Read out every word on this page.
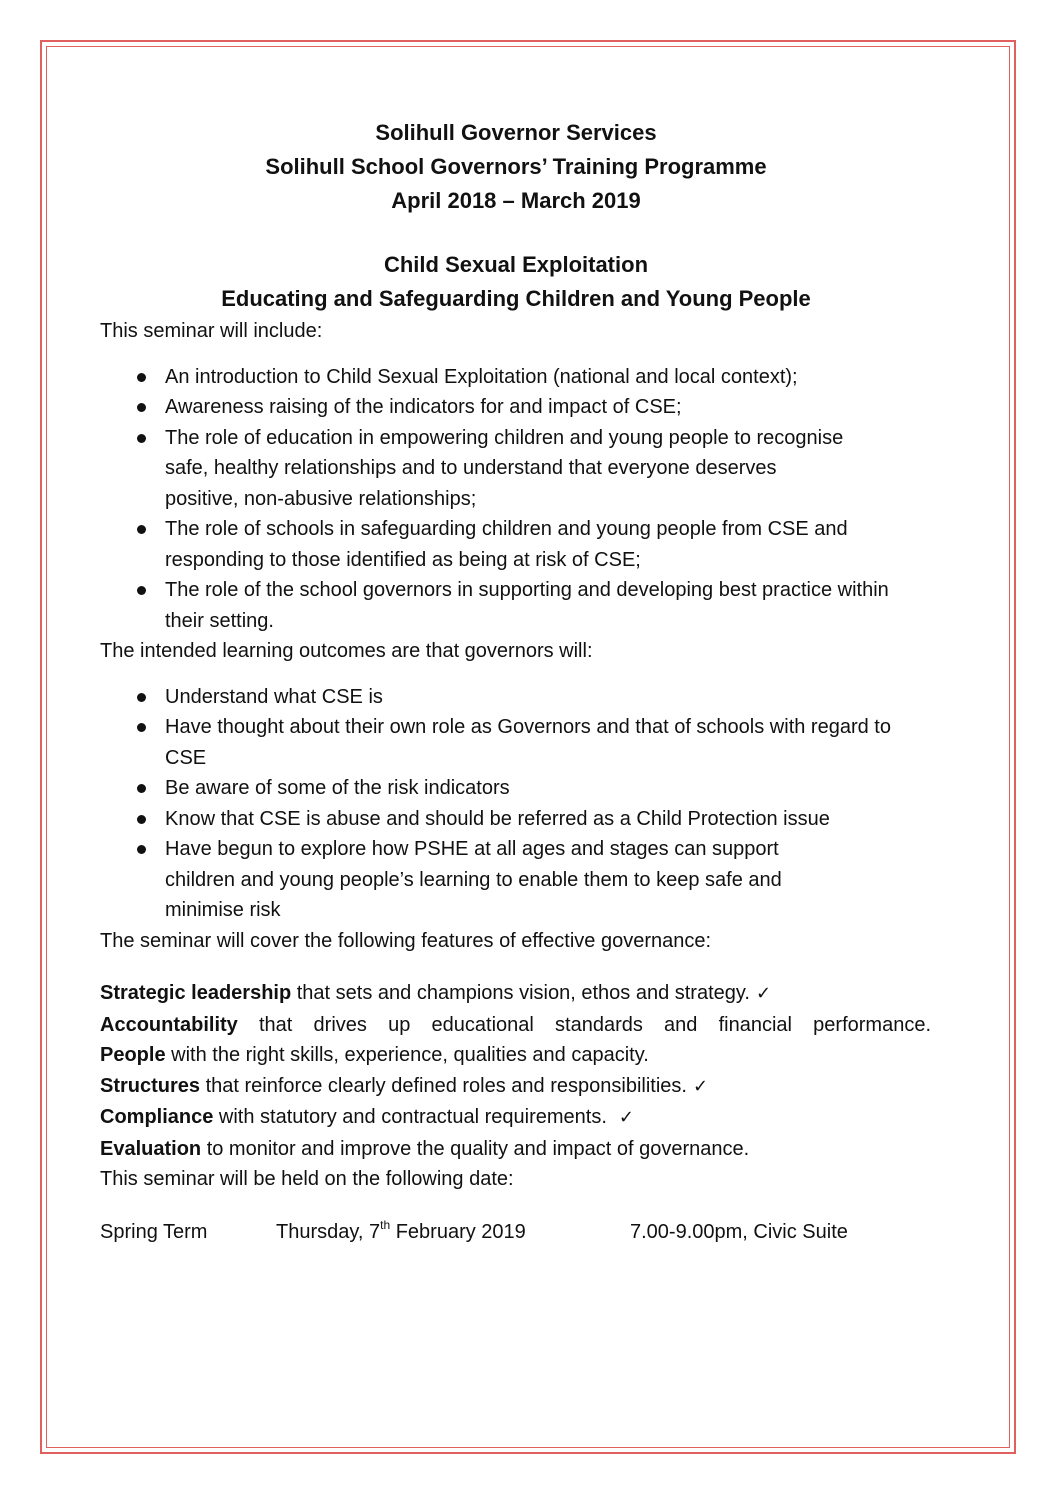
Solihull Governor Services

Solihull School Governors’ Training Programme

April 2018 – March 2019

Child Sexual Exploitation

Educating and Safeguarding Children and Young People

This seminar will include:

An introduction to Child Sexual Exploitation (national and local context);
Awareness raising of the indicators for and impact of CSE;
The role of education in empowering children and young people to recognise safe, healthy relationships and to understand that everyone deserves positive, non-abusive relationships;
The role of schools in safeguarding children and young people from CSE and responding to those identified as being at risk of CSE;
The role of the school governors in supporting and developing best practice within their setting.

The intended learning outcomes are that governors will:

Understand what CSE is
Have thought about their own role as Governors and that of schools with regard to CSE
Be aware of some of the risk indicators
Know that CSE is abuse and should be referred as a Child Protection issue
Have begun to explore how PSHE at all ages and stages can support children and young people’s learning to enable them to keep safe and minimise risk

The seminar will cover the following features of effective governance:

Strategic leadership that sets and champions vision, ethos and strategy. ✓
Accountability that drives up educational standards and financial performance.
People with the right skills, experience, qualities and capacity.
Structures that reinforce clearly defined roles and responsibilities. ✓
Compliance with statutory and contractual requirements. ✓
Evaluation to monitor and improve the quality and impact of governance.

This seminar will be held on the following date:

Spring Term	Thursday, 7th February 2019	7.00-9.00pm, Civic Suite
